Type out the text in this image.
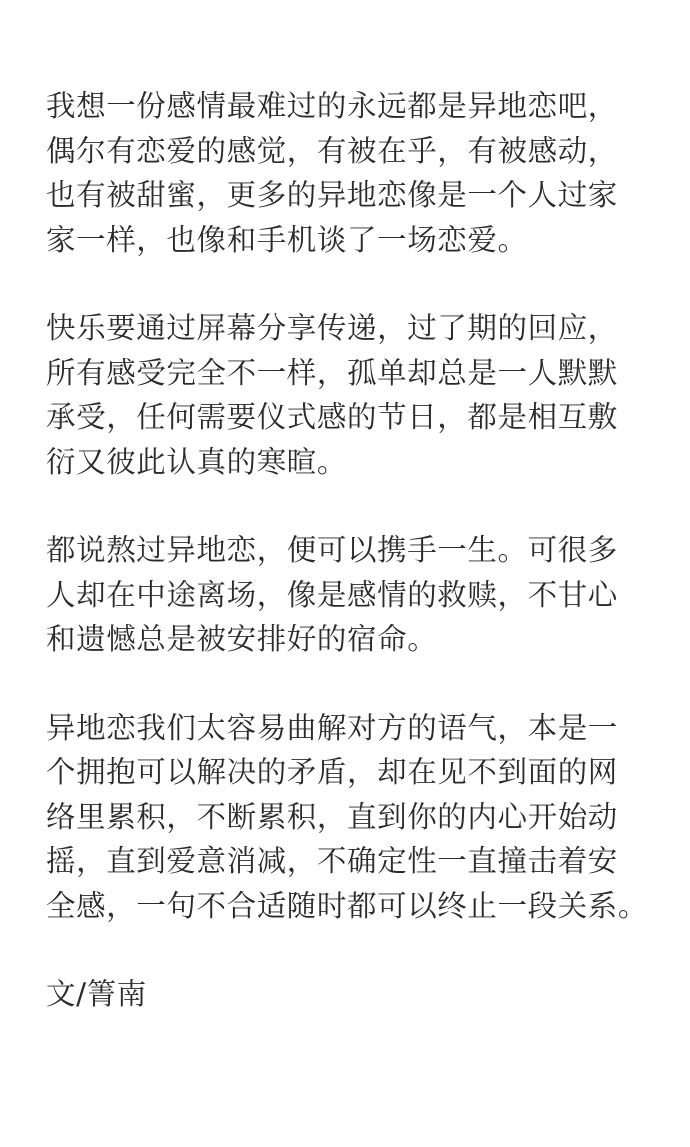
我想一份感情最难过的永远都是异地恋吧，
偶尔有恋爱的感觉，有被在乎，有被感动，
也有被甜蜜，更多的异地恋像是一个人过家
家一样，也像和手机谈了一场恋爱。
快乐要通过屏幕分享传递，过了期的回应，
所有感受完全不一样，孤单却总是一人默默
承受，任何需要仪式感的节日，都是相互敷
衍又彼此认真的寒暄。
都说熬过异地恋，便可以携手一生。可很多
人却在中途离场，像是感情的救赎，不甘心
和遗憾总是被安排好的宿命。
异地恋我们太容易曲解对方的语气，本是一
个拥抱可以解决的矛盾，却在见不到面的网
络里累积，不断累积，直到你的内心开始动
摇，直到爱意消减，不确定性一直撞击着安
全感，一句不合适随时都可以终止一段关系。
文/箐南
